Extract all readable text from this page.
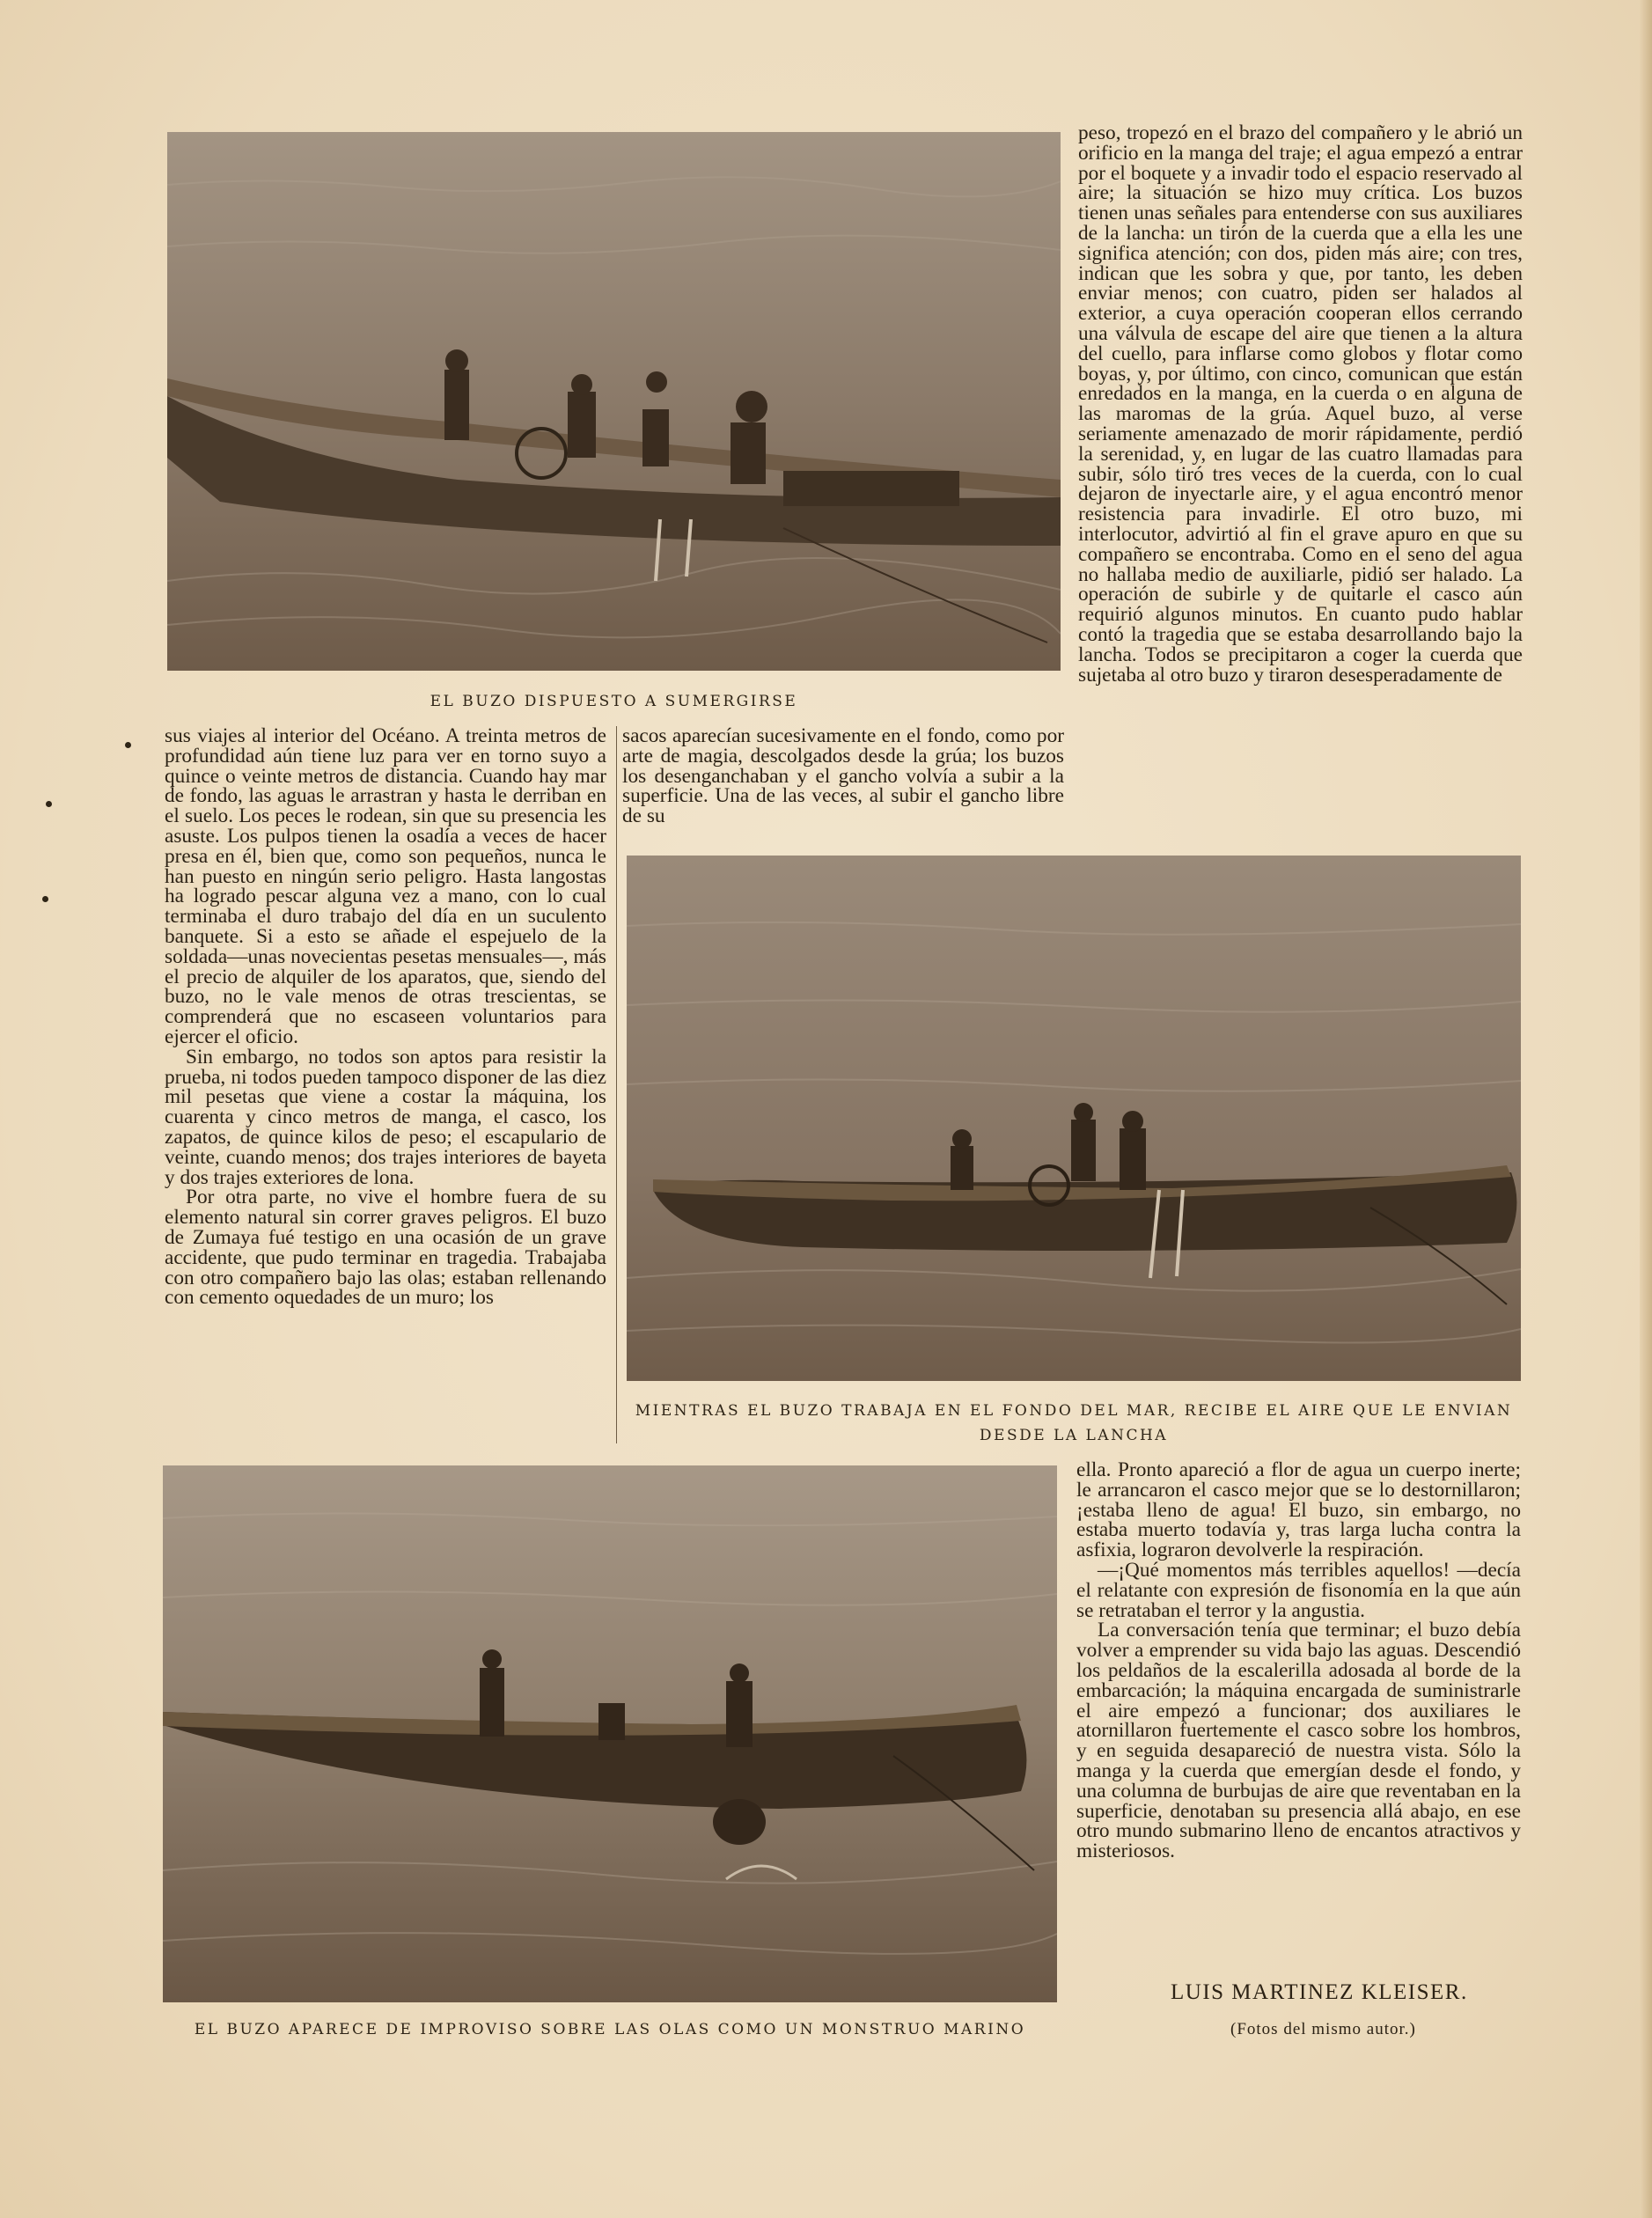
EL BUZO DISPUESTO A SUMERGIRSE

peso, tropezó en el brazo del compañero y le abrió un orificio en la manga del traje; el agua empezó a entrar por el boquete y a invadir todo el espacio reservado al aire; la situación se hizo muy crítica. Los buzos tienen unas señales para entenderse con sus auxiliares de la lancha: un tirón de la cuerda que a ella les une significa atención; con dos, piden más aire; con tres, indican que les sobra y que, por tanto, les deben enviar menos; con cuatro, piden ser halados al exterior, a cuya operación cooperan ellos cerrando una válvula de escape del aire que tienen a la altura del cuello, para inflarse como globos y flotar como boyas, y, por último, con cinco, comunican que están enredados en la manga, en la cuerda o en alguna de las maromas de la grúa. Aquel buzo, al verse seriamente amenazado de morir rápidamente, perdió la serenidad, y, en lugar de las cuatro llamadas para subir, sólo tiró tres veces de la cuerda, con lo cual dejaron de inyectarle aire, y el agua encontró menor resistencia para invadirle. El otro buzo, mi interlocutor, advirtió al fin el grave apuro en que su compañero se encontraba. Como en el seno del agua no hallaba medio de auxiliarle, pidió ser halado. La operación de subirle y de quitarle el casco aún requirió algunos minutos. En cuanto pudo hablar contó la tragedia que se estaba desarrollando bajo la lancha. Todos se precipitaron a coger la cuerda que sujetaba al otro buzo y tiraron desesperadamente de

sus viajes al interior del Océano. A treinta metros de profundidad aún tiene luz para ver en torno suyo a quince o veinte metros de distancia. Cuando hay mar de fondo, las aguas le arrastran y hasta le derriban en el suelo. Los peces le rodean, sin que su presencia les asuste. Los pulpos tienen la osadía a veces de hacer presa en él, bien que, como son pequeños, nunca le han puesto en ningún serio peligro. Hasta langostas ha logrado pescar alguna vez a mano, con lo cual terminaba el duro trabajo del día en un suculento banquete. Si a esto se añade el espejuelo de la soldada—unas novecientas pesetas mensuales—, más el precio de alquiler de los aparatos, que, siendo del buzo, no le vale menos de otras trescientas, se comprenderá que no escaseen voluntarios para ejercer el oficio.

Sin embargo, no todos son aptos para resistir la prueba, ni todos pueden tampoco disponer de las diez mil pesetas que viene a costar la máquina, los cuarenta y cinco metros de manga, el casco, los zapatos, de quince kilos de peso; el escapulario de veinte, cuando menos; dos trajes interiores de bayeta y dos trajes exteriores de lona.

Por otra parte, no vive el hombre fuera de su elemento natural sin correr graves peligros. El buzo de Zumaya fué testigo en una ocasión de un grave accidente, que pudo terminar en tragedia. Trabajaba con otro compañero bajo las olas; estaban rellenando con cemento oquedades de un muro; los

sacos aparecían sucesivamente en el fondo, como por arte de magia, descolgados desde la grúa; los buzos los desenganchaban y el gancho volvía a subir a la superficie. Una de las veces, al subir el gancho libre de su

MIENTRAS EL BUZO TRABAJA EN EL FONDO DEL MAR, RECIBE EL AIRE QUE LE ENVIAN DESDE LA LANCHA
EL BUZO APARECE DE IMPROVISO SOBRE LAS OLAS COMO UN MONSTRUO MARINO

ella. Pronto apareció a flor de agua un cuerpo inerte; le arrancaron el casco mejor que se lo destornillaron; ¡estaba lleno de agua! El buzo, sin embargo, no estaba muerto todavía y, tras larga lucha contra la asfixia, lograron devolverle la respiración.

—¡Qué momentos más terribles aquellos! —decía el relatante con expresión de fisonomía en la que aún se retrataban el terror y la angustia.

La conversación tenía que terminar; el buzo debía volver a emprender su vida bajo las aguas. Descendió los peldaños de la escalerilla adosada al borde de la embarcación; la máquina encargada de suministrarle el aire empezó a funcionar; dos auxiliares le atornillaron fuertemente el casco sobre los hombros, y en seguida desapareció de nuestra vista. Sólo la manga y la cuerda que emergían desde el fondo, y una columna de burbujas de aire que reventaban en la superficie, denotaban su presencia allá abajo, en ese otro mundo submarino lleno de encantos atractivos y misteriosos.

LUIS MARTINEZ KLEISER.
(Fotos del mismo autor.)
